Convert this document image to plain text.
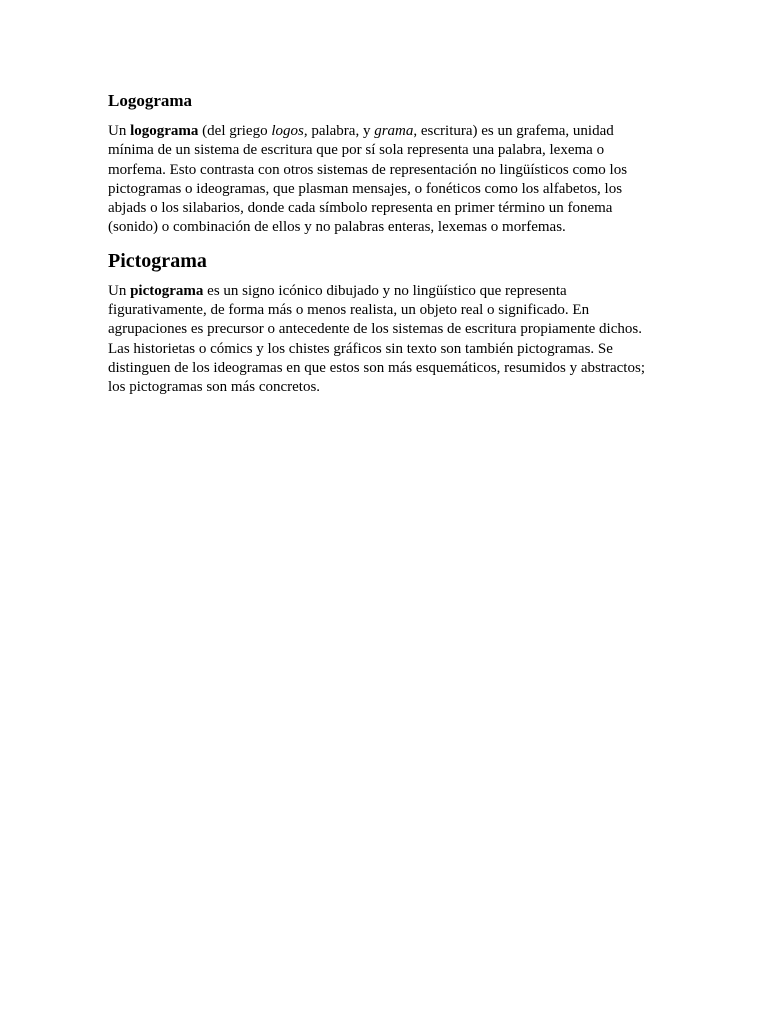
Logograma

Un logograma (del griego logos, palabra, y grama, escritura) es un grafema, unidad
mínima de un sistema de escritura que por sí sola representa una palabra, lexema o
morfema. Esto contrasta con otros sistemas de representación no lingüísticos como los
pictogramas o ideogramas, que plasman mensajes, o fonéticos como los alfabetos, los
abjads o los silabarios, donde cada símbolo representa en primer término un fonema
(sonido) o combinación de ellos y no palabras enteras, lexemas o morfemas.

Pictograma

Un pictograma es un signo icónico dibujado y no lingüístico que representa
figurativamente, de forma más o menos realista, un objeto real o significado. En
agrupaciones es precursor o antecedente de los sistemas de escritura propiamente dichos.
Las historietas o cómics y los chistes gráficos sin texto son también pictogramas. Se
distinguen de los ideogramas en que estos son más esquemáticos, resumidos y abstractos;
los pictogramas son más concretos.
